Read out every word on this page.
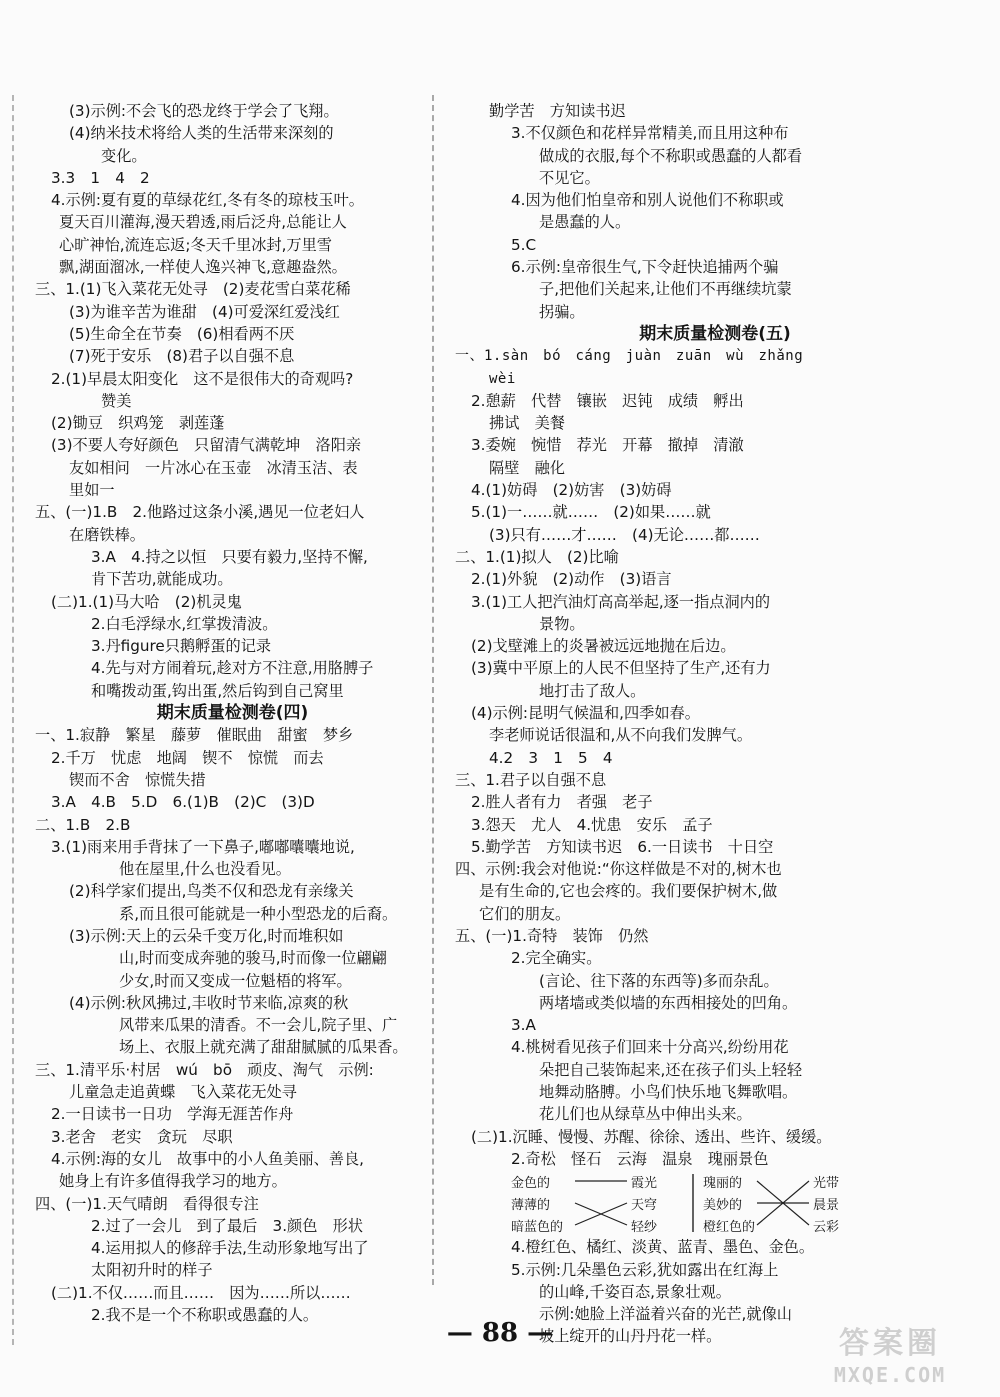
(3)示例:不会飞的恐龙终于学会了飞翔。
(4)纳米技术将给人类的生活带来深刻的
变化。
3.3　1　4　2
4.示例:夏有夏的草绿花红,冬有冬的琼枝玉叶。
夏天百川灌海,漫天碧透,雨后泛舟,总能让人
心旷神怡,流连忘返;冬天千里冰封,万里雪
飘,湖面溜冰,一样使人逸兴神飞,意趣盎然。
三、1.(1)飞入菜花无处寻　(2)麦花雪白菜花稀
(3)为谁辛苦为谁甜　(4)可爱深红爱浅红
(5)生命全在节奏　(6)相看两不厌
(7)死于安乐　(8)君子以自强不息
2.(1)早晨太阳变化　这不是很伟大的奇观吗?
赞美
(2)锄豆　织鸡笼　剥莲蓬
(3)不要人夸好颜色　只留清气满乾坤　洛阳亲
友如相问　一片冰心在玉壶　冰清玉洁、表
里如一
五、(一)1.B　2.他路过这条小溪,遇见一位老妇人
在磨铁棒。
3.A　4.持之以恒　只要有毅力,坚持不懈,
肯下苦功,就能成功。
(二)1.(1)马大哈　(2)机灵鬼
2.白毛浮绿水,红掌拨清波。
3.丹figure只鹅孵蛋的记录
4.先与对方闹着玩,趁对方不注意,用胳膊子
和嘴拨动蛋,钩出蛋,然后钩到自己窝里
期末质量检测卷(四)
一、1.寂静　繁星　藤萝　催眠曲　甜蜜　梦乡
2.千万　忧虑　地阔　锲不　惊慌　而去
锲而不舍　惊慌失措
3.A　4.B　5.D　6.(1)B　(2)C　(3)D
二、1.B　2.B
3.(1)雨来用手背抹了一下鼻子,嘟嘟囔囔地说,
他在屋里,什么也没看见。
(2)科学家们提出,鸟类不仅和恐龙有亲缘关
系,而且很可能就是一种小型恐龙的后裔。
(3)示例:天上的云朵千变万化,时而堆积如
山,时而变成奔驰的骏马,时而像一位翩翩
少女,时而又变成一位魁梧的将军。
(4)示例:秋风拂过,丰收时节来临,凉爽的秋
风带来瓜果的清香。不一会儿,院子里、广
场上、衣服上就充满了甜甜腻腻的瓜果香。
三、1.清平乐·村居　wú　bō　顽皮、淘气　示例:
儿童急走追黄蝶　飞入菜花无处寻
2.一日读书一日功　学海无涯苦作舟
3.老舍　老实　贪玩　尽职
4.示例:海的女儿　故事中的小人鱼美丽、善良,
她身上有许多值得我学习的地方。
四、(一)1.天气晴朗　看得很专注
2.过了一会儿　到了最后　3.颜色　形状
4.运用拟人的修辞手法,生动形象地写出了
太阳初升时的样子
(二)1.不仅……而且……　因为……所以……
2.我不是一个不称职或愚蠢的人。
勤学苦　方知读书迟
3.不仅颜色和花样异常精美,而且用这种布
做成的衣服,每个不称职或愚蠢的人都看
不见它。
4.因为他们怕皇帝和别人说他们不称职或
是愚蠢的人。
5.C
6.示例:皇帝很生气,下令赶快追捕两个骗
子,把他们关起来,让他们不再继续坑蒙
拐骗。
期末质量检测卷(五)
一、1.sàn　bó　cáng　juàn　zuān　wù　zhǎng
wèi
2.憩薪　代替　镶嵌　迟钝　成绩　孵出
拂试　美餐
3.委婉　惋惜　荐光　开幕　撤掉　清澈
隔壁　融化
4.(1)妨碍　(2)妨害　(3)妨碍
5.(1)一……就……　(2)如果……就
(3)只有……才……　(4)无论……都……
二、1.(1)拟人　(2)比喻
2.(1)外貌　(2)动作　(3)语言
3.(1)工人把汽油灯高高举起,逐一指点洞内的
景物。
(2)戈壁滩上的炎暑被远远地抛在后边。
(3)冀中平原上的人民不但坚持了生产,还有力
地打击了敌人。
(4)示例:昆明气候温和,四季如春。
李老师说话很温和,从不向我们发脾气。
4.2　3　1　5　4
三、1.君子以自强不息
2.胜人者有力　者强　老子
3.怨天　尤人　4.忧患　安乐　孟子
5.勤学苦　方知读书迟　6.一日读书　十日空
四、示例:我会对他说:“你这样做是不对的,树木也
是有生命的,它也会疼的。我们要保护树木,做
它们的朋友。
五、(一)1.奇特　装饰　仍然
2.完全确实。
(言论、往下落的东西等)多而杂乱。
两堵墙或类似墙的东西相接处的凹角。
3.A
4.桃树看见孩子们回来十分高兴,纷纷用花
朵把自己装饰起来,还在孩子们头上轻轻
地舞动胳膊。小鸟们快乐地飞舞歌唱。
花儿们也从绿草丛中伸出头来。
(二)1.沉睡、慢慢、苏醒、徐徐、透出、些许、缓缓。
2.奇松　怪石　云海　温泉　瑰丽景色
金色的
薄薄的
暗蓝色的
霞光
天穹
轻纱
瑰丽的
美妙的
橙红色的
光带
晨景
云彩
4.橙红色、橘红、淡黄、蓝青、墨色、金色。
5.示例:几朵墨色云彩,犹如露出在红海上
的山峰,千姿百态,景象壮观。
示例:她脸上洋溢着兴奋的光芒,就像山
坡上绽开的山丹丹花一样。
— 88 —	答案圈
MXQE.COM
